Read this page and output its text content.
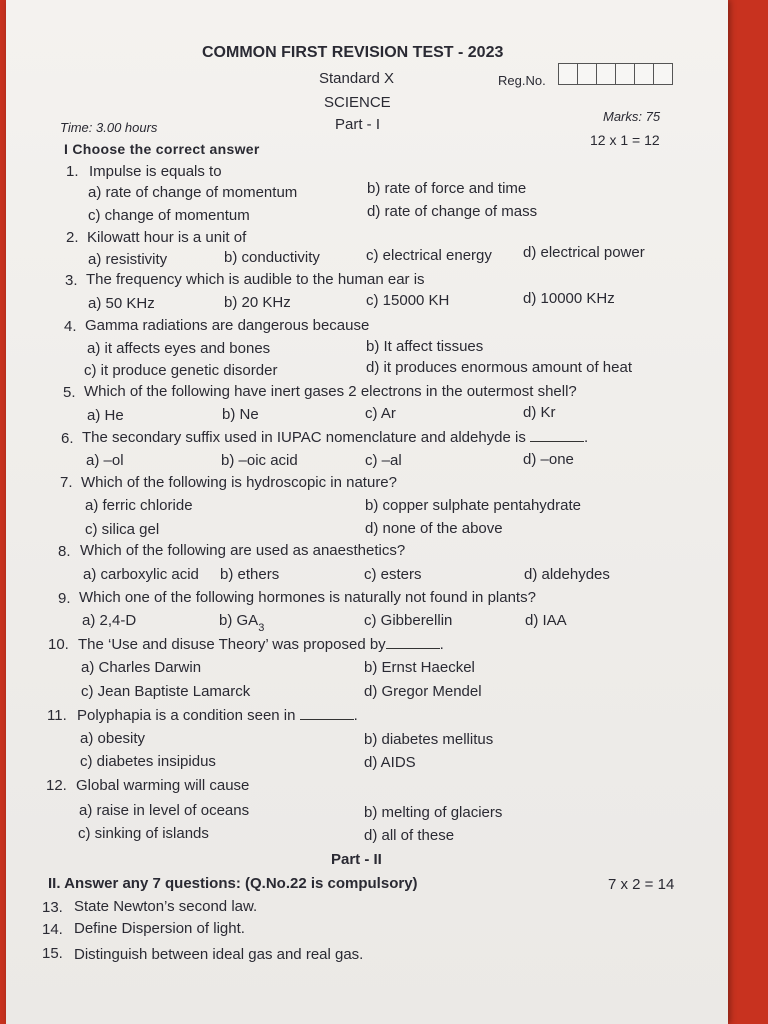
COMMON FIRST REVISION TEST - 2023
Standard X	Reg.No.
SCIENCE
Time: 3.00 hours	Part - I	Marks: 75
12 x 1 = 12
I Choose the correct answer
1. Impulse is equals to
a) rate of change of momentum	b) rate of force and time
c) change of momentum	d) rate of change of mass
2. Kilowatt hour is a unit of
a) resistivity	b) conductivity	c) electrical energy d) electrical power
3. The frequency which is audible to the human ear is
a) 50 KHz	b) 20 KHz	c) 15000 KH	d) 10000 KHz
4. Gamma radiations are dangerous because
a) it affects eyes and bones	b) It affect tissues
c) it produce genetic disorder	d) it produces enormous amount of heat
5. Which of the following have inert gases 2 electrons in the outermost shell?
a) He	b) Ne	c) Ar	d) Kr
6. The secondary suffix used in IUPAC nomenclature and aldehyde is	.
a) –ol	b) –oic acid	c) –al	d) –one
7. Which of the following is hydroscopic in nature?
a) ferric chloride	b) copper sulphate pentahydrate
c) silica gel	d) none of the above
8. Which of the following are used as anaesthetics?
a) carboxylic acid b) ethers	c) esters	d) aldehydes
9. Which one of the following hormones is naturally not found in plants?
a) 2,4-D	b) $GA_3$	c) Gibberellin	d) IAA
10. The ‘Use and disuse Theory’ was proposed by	.
a) Charles Darwin	b) Ernst Haeckel
c) Jean Baptiste Lamarck	d) Gregor Mendel
11. Polyphapia is a condition seen in	.
a) obesity	b) diabetes mellitus
c) diabetes insipidus	d) AIDS
12. Global warming will cause
a) raise in level of oceans	b) melting of glaciers
c) sinking of islands	d) all of these
Part - II
II. Answer any 7 questions: (Q.No.22 is compulsory)	7 x 2 = 14
13. State Newton’s second law.
14. Define Dispersion of light.
15. Distinguish between ideal gas and real gas.
